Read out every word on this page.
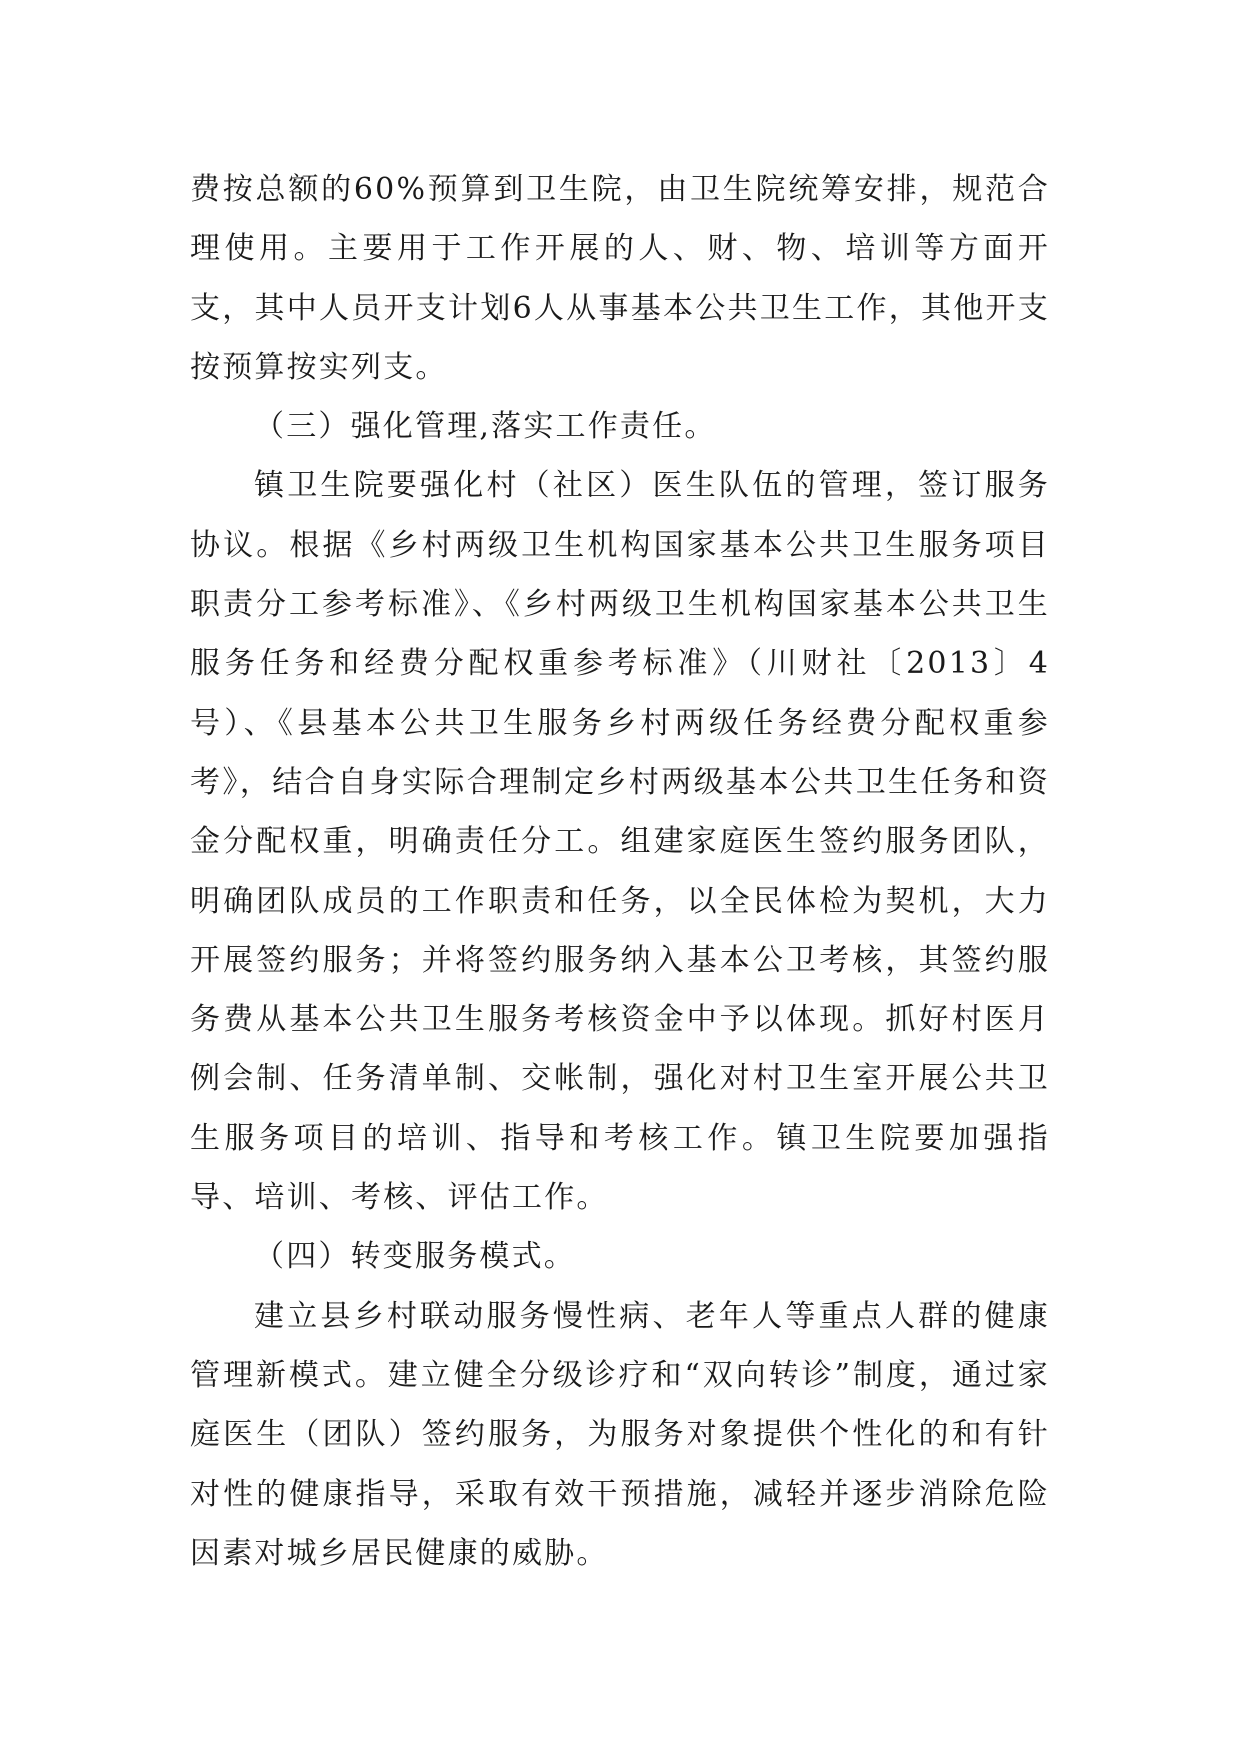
费按总额的60%预算到卫生院，由卫生院统筹安排，规范合理使用。主要用于工作开展的人、财、物、培训等方面开支，其中人员开支计划6人从事基本公共卫生工作，其他开支按预算按实列支。

（三）强化管理,落实工作责任。

镇卫生院要强化村（社区）医生队伍的管理，签订服务协议。根据《乡村两级卫生机构国家基本公共卫生服务项目职责分工参考标准》、《乡村两级卫生机构国家基本公共卫生服务任务和经费分配权重参考标准》（川财社〔2013〕4号）、《县基本公共卫生服务乡村两级任务经费分配权重参考》，结合自身实际合理制定乡村两级基本公共卫生任务和资金分配权重，明确责任分工。组建家庭医生签约服务团队，明确团队成员的工作职责和任务，以全民体检为契机，大力开展签约服务；并将签约服务纳入基本公卫考核，其签约服务费从基本公共卫生服务考核资金中予以体现。抓好村医月例会制、任务清单制、交帐制，强化对村卫生室开展公共卫生服务项目的培训、指导和考核工作。镇卫生院要加强指导、培训、考核、评估工作。

（四）转变服务模式。

建立县乡村联动服务慢性病、老年人等重点人群的健康管理新模式。建立健全分级诊疗和“双向转诊”制度，通过家庭医生（团队）签约服务，为服务对象提供个性化的和有针对性的健康指导，采取有效干预措施，减轻并逐步消除危险因素对城乡居民健康的威胁。
